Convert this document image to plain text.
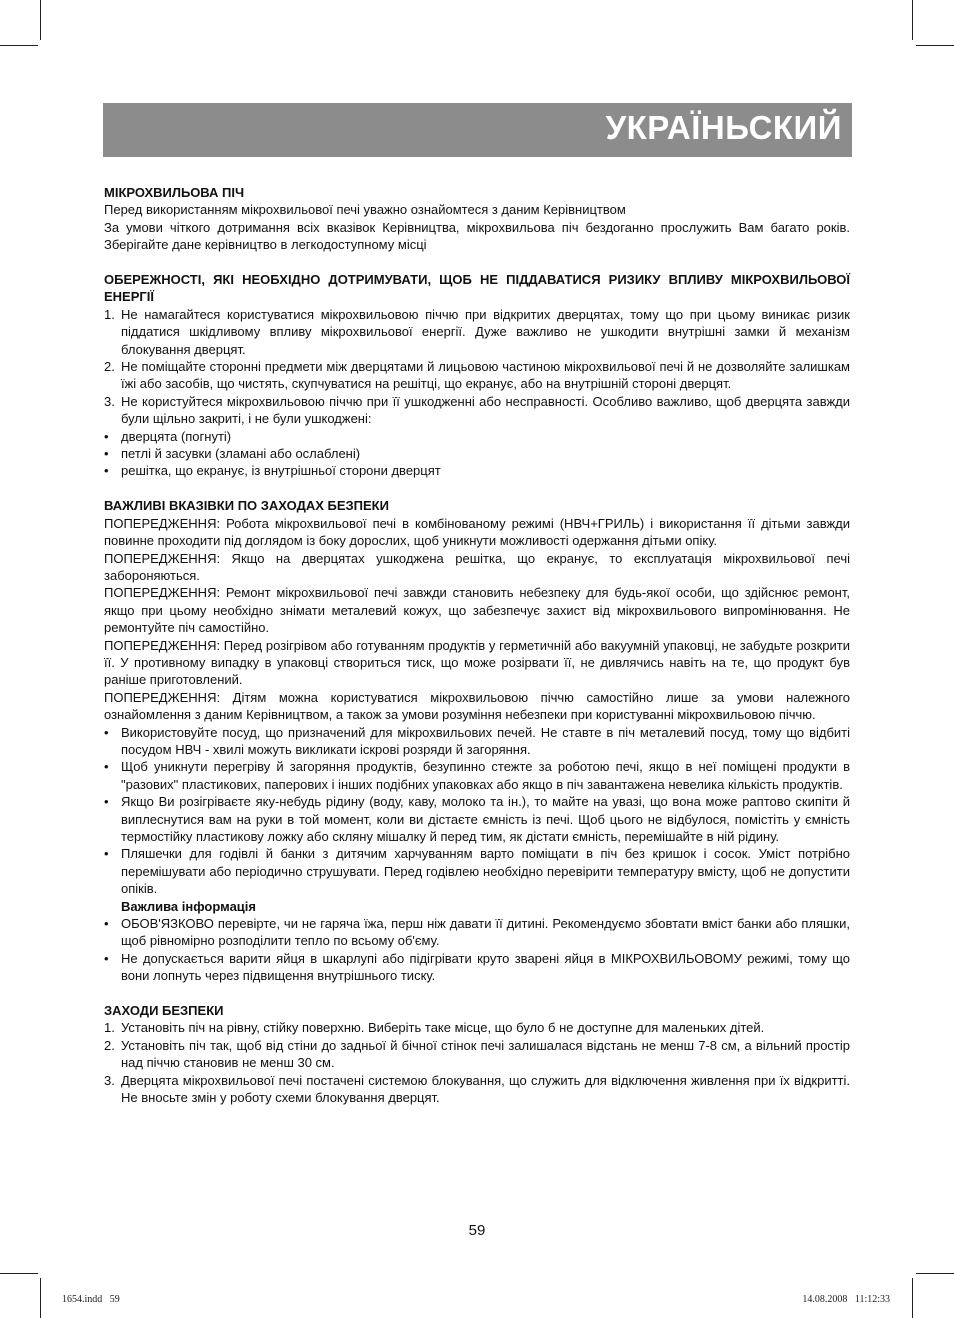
УКРАЇНЬСКИЙ
МІКРОХВИЛЬОВА ПІЧ

Перед використанням мікрохвильової печі уважно ознайомтеся з даним Керівництвом

За умови чіткого дотримання всіх вказівок Керівництва, мікрохвильова піч бездоганно прослужить Вам багато років. Зберігайте дане керівництво в легкодоступному місці

ОБЕРЕЖНОСТІ, ЯКІ НЕОБХІДНО ДОТРИМУВАТИ, ЩОБ НЕ ПІДДАВАТИСЯ РИЗИКУ ВПЛИВУ МІКРОХВИЛЬОВОЇ ЕНЕРГІЇ
1. Не намагайтеся користуватися мікрохвильовою піччю при відкритих дверцятах, тому що при цьому виникає ризик піддатися шкідливому впливу мікрохвильової енергії. Дуже важливо не ушкодити внутрішні замки й механізм блокування дверцят.
2. Не поміщайте сторонні предмети між дверцятами й лицьовою частиною мікрохвильової печі й не дозволяйте залишкам їжі або засобів, що чистять, скупчуватися на решітці, що екранує, або на внутрішній стороні дверцят.
3. Не користуйтеся мікрохвильовою піччю при її ушкодженні або несправності. Особливо важливо, щоб дверцята завжди були щільно закриті, і не були ушкоджені:
• дверцята (погнуті)
• петлі й засувки (зламані або ослаблені)
• решітка, що екранує, із внутрішньої сторони дверцят
ВАЖЛИВІ ВКАЗІВКИ ПО ЗАХОДАХ БЕЗПЕКИ

ПОПЕРЕДЖЕННЯ: Робота мікрохвильової печі в комбінованому режимі (НВЧ+ГРИЛЬ) і використання її дітьми завжди повинне проходити під доглядом із боку дорослих, щоб уникнути можливості одержання дітьми опіку.

ПОПЕРЕДЖЕННЯ: Якщо на дверцятах ушкоджена решітка, що екранує, то експлуатація мікрохвильової печі забороняються.

ПОПЕРЕДЖЕННЯ: Ремонт мікрохвильової печі завжди становить небезпеку для будь-якої особи, що здійснює ремонт, якщо при цьому необхідно знімати металевий кожух, що забезпечує захист від мікрохвильового випромінювання. Не ремонтуйте піч самостійно.

ПОПЕРЕДЖЕННЯ: Перед розігрівом або готуванням продуктів у герметичній або вакуумній упаковці, не забудьте розкрити її. У противному випадку в упаковці створиться тиск, що може розірвати її, не дивлячись навіть на те, що продукт був раніше приготовлений.

ПОПЕРЕДЖЕННЯ: Дітям можна користуватися мікрохвильовою піччю самостійно лише за умови належного ознайомлення з даним Керівництвом, а також за умови розуміння небезпеки при користуванні мікрохвильовою піччю.

• Використовуйте посуд, що призначений для мікрохвильових печей. Не ставте в піч металевий посуд, тому що відбиті посудом НВЧ - хвилі можуть викликати іскрові розряди й загоряння.
• Щоб уникнути перегріву й загоряння продуктів, безупинно стежте за роботою печі, якщо в неї поміщені продукти в "разових" пластикових, паперових і інших подібних упаковках або якщо в піч завантажена невелика кількість продуктів.
• Якщо Ви розігріваєте яку-небудь рідину (воду, каву, молоко та ін.), то майте на увазі, що вона може раптово скипіти й виплеснутися вам на руки в той момент, коли ви дістаєте ємність із печі. Щоб цього не відбулося, помістіть у ємність термостійку пластикову ложку або скляну мішалку й перед тим, як дістати ємність, перемішайте в ній рідину.
• Пляшечки для годівлі й банки з дитячим харчуванням варто поміщати в піч без кришок і сосок. Уміст потрібно перемішувати або періодично струшувати. Перед годівлею необхідно перевірити температуру вмісту, щоб не допустити опіків.
Важлива інформація
• ОБОВ'ЯЗКОВО перевірте, чи не гаряча їжа, перш ніж давати її дитині. Рекомендуємо збовтати вміст банки або пляшки, щоб рівномірно розподілити тепло по всьому об'єму.
• Не допускається варити яйця в шкарлупі або підігрівати круто зварені яйця в МІКРОХВИЛЬОВОМУ режимі, тому що вони лопнуть через підвищення внутрішнього тиску.
ЗАХОДИ БЕЗПЕКИ
1. Установіть піч на рівну, стійку поверхню. Виберіть таке місце, що було б не доступне для маленьких дітей.
2. Установіть піч так, щоб від стіни до задньої й бічної стінок печі залишалася відстань не менш 7-8 см, а вільний простір над піччю становив не менш 30 см.
3. Дверцята мікрохвильової печі постачені системою блокування, що служить для відключення живлення при їх відкритті. Не вносьте змін у роботу схеми блокування дверцят.
59
1654.indd   59	14.08.2008   11:12:33
